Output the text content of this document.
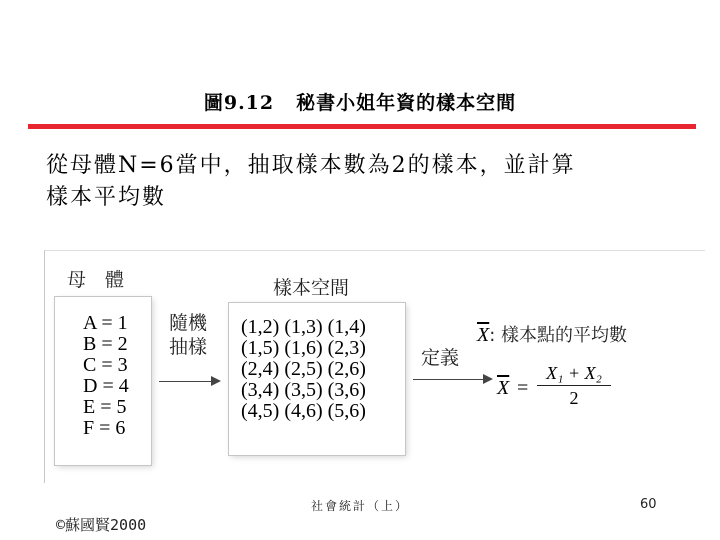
圖9.12 秘書小姐年資的樣本空間
從母體N=6當中，抽取樣本數為2的樣本，並計算
樣本平均數
母　體
A = 1
B = 2
C = 3
D = 4
E = 5
F = 6
隨機
抽樣
樣本空間
(1,2) (1,3) (1,4)
(1,5) (1,6) (2,3)
(2,4) (2,5) (2,6)
(3,4) (3,5) (3,6)
(4,5) (4,6) (5,6)
定義
$\overline{X}$: 樣本點的平均數
$\overline{X}$ =
X₁ + X₂
2
©蘇國賢2000
社會統計（上）	60
